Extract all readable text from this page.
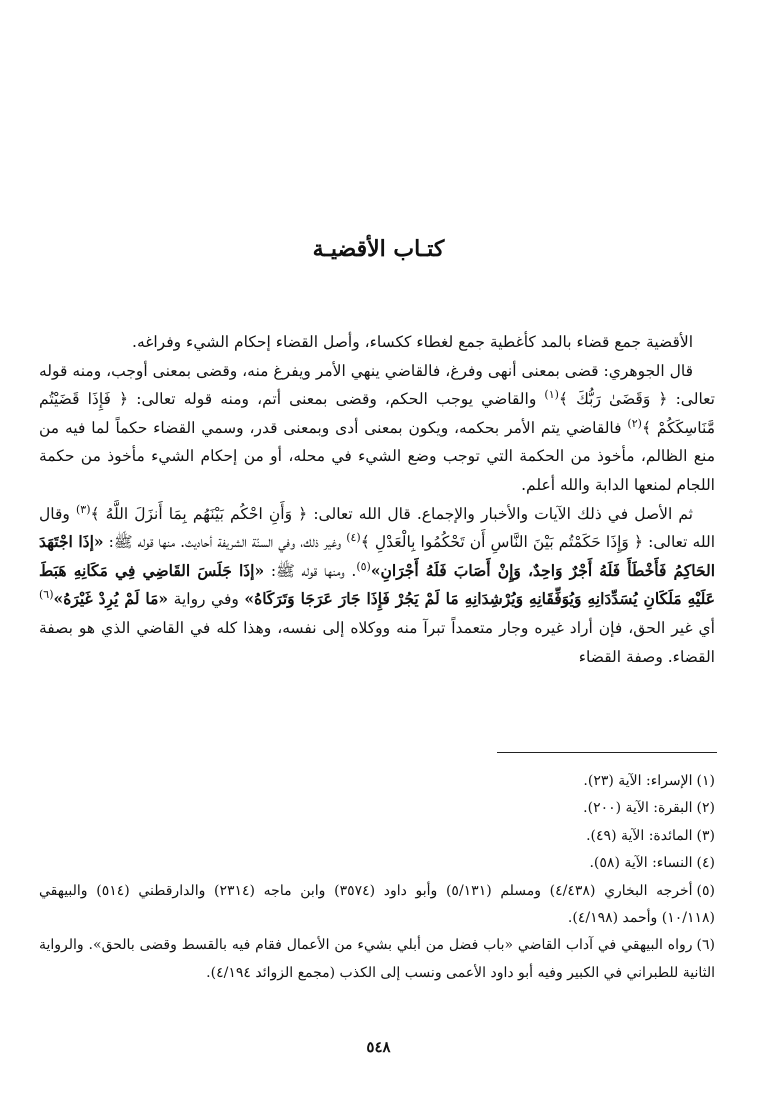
كتـاب الأقضيـة

الأقضية جمع قضاء بالمد كأغطية جمع لغطاء ككساء، وأصل القضاء إحكام الشيء وفراغه.

قال الجوهري: قضى بمعنى أنهى وفرغ، فالقاضي ينهي الأمر ويفرغ منه، وقضى بمعنى أوجب، ومنه قوله تعالى: ﴿ وَقَضَىٰ رَبُّكَ ﴾$^{(١)}$ والقاضي يوجب الحكم، وقضى بمعنى أتم، ومنه قوله تعالى: ﴿ فَإِذَا قَضَيْتُم مَّنَاسِكَكُمْ ﴾$^{(٢)}$ فالقاضي يتم الأمر بحكمه، ويكون بمعنى أدى وبمعنى قدر، وسمي القضاء حكماً لما فيه من منع الظالم، مأخوذ من الحكمة التي توجب وضع الشيء في محله، أو من إحكام الشيء مأخوذ من حكمة اللجام لمنعها الدابة والله أعلم.

ثم الأصل في ذلك الآيات والأخبار والإجماع. قال الله تعالى: ﴿ وَأَنِ احْكُم بَيْنَهُم بِمَا أَنزَلَ اللَّهُ ﴾$^{(٣)}$ وقال الله تعالى: ﴿ وَإِذَا حَكَمْتُم بَيْنَ النَّاسِ أَن تَحْكُمُوا بِالْعَدْلِ ﴾$^{(٤)}$ وغير ذلك، وفي السنّة الشريفة أحاديث. منها قوله ﷺ: «إذَا اجْتَهَدَ الحَاكِمُ فَأَخْطَأَ فَلَهُ أَجْرٌ وَاحِدٌ، وَإِنْ أَصَابَ فَلَهُ أَجْرَانِ»$^{(٥)}$. ومنها قوله ﷺ: «إذَا جَلَسَ القَاضِي فِي مَكَانِهِ هَبَطَ عَلَيْهِ مَلَكَانِ يُسَدِّدَانِهِ وَيُوَفِّقَانِهِ وَيُرْشِدَانِهِ مَا لَمْ يَجُرْ فَإِذَا جَارَ عَرَجَا وَتَرَكَاهُ» وفي رواية «مَا لَمْ يُرِدْ غَيْرَهُ»$^{(٦)}$ أي غير الحق، فإن أراد غيره وجار متعمداً تبرآ منه ووكلاه إلى نفسه، وهذا كله في القاضي الذي هو بصفة القضاء. وصفة القضاء

(١)الإسراء: الآية (٢٣).

(٢)البقرة: الآية (٢٠٠).

(٣)المائدة: الآية (٤٩).

(٤)النساء: الآية (٥٨).

(٥)أخرجه البخاري (٤/٤٣٨) ومسلم (٥/١٣١) وأبو داود (٣٥٧٤) وابن ماجه (٢٣١٤) والدارقطني (٥١٤) والبيهقي (١٠/١١٨) وأحمد (٤/١٩٨).

(٦)رواه البيهقي في آداب القاضي «باب فضل من أبلي بشيء من الأعمال فقام فيه بالقسط وقضى بالحق». والرواية الثانية للطبراني في الكبير وفيه أبو داود الأعمى ونسب إلى الكذب (مجمع الزوائد ٤/١٩٤).

٥٤٨
